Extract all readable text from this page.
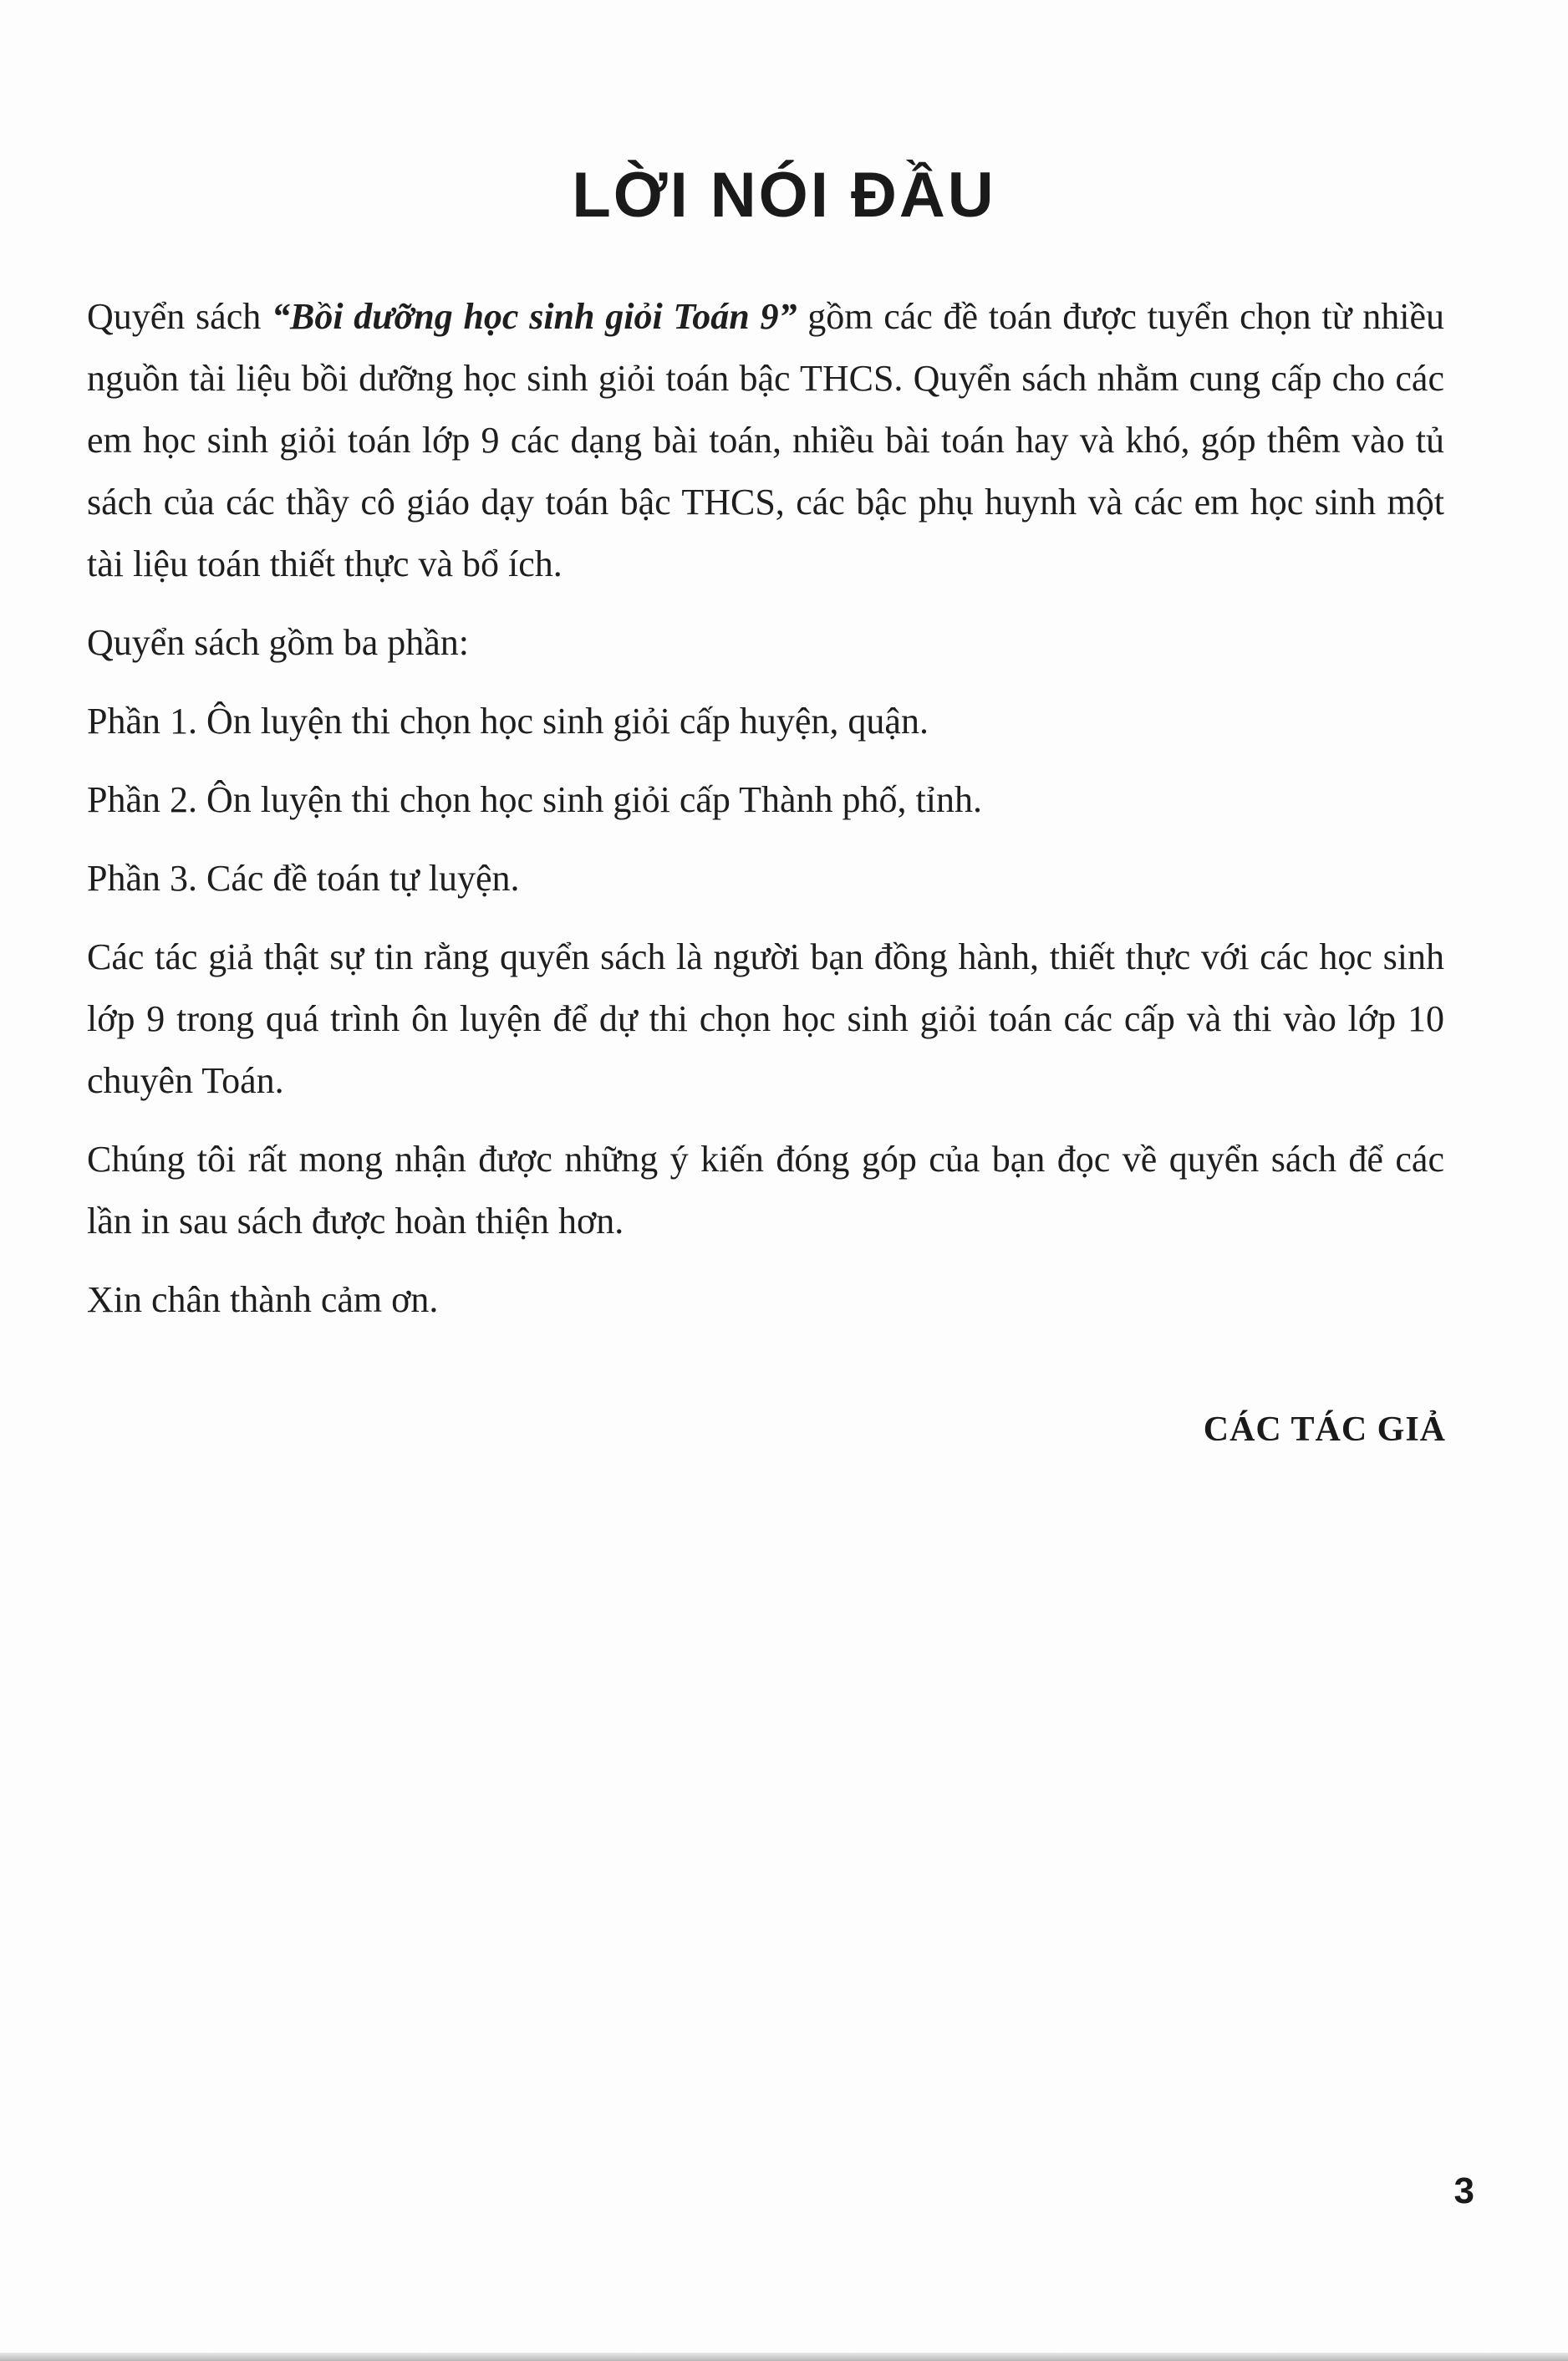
LỜI NÓI ĐẦU

Quyển sách “Bồi dưỡng học sinh giỏi Toán 9” gồm các đề toán được tuyển chọn từ nhiều nguồn tài liệu bồi dưỡng học sinh giỏi toán bậc THCS. Quyển sách nhằm cung cấp cho các em học sinh giỏi toán lớp 9 các dạng bài toán, nhiều bài toán hay và khó, góp thêm vào tủ sách của các thầy cô giáo dạy toán bậc THCS, các bậc phụ huynh và các em học sinh một tài liệu toán thiết thực và bổ ích.

Quyển sách gồm ba phần:

Phần 1. Ôn luyện thi chọn học sinh giỏi cấp huyện, quận.

Phần 2. Ôn luyện thi chọn học sinh giỏi cấp Thành phố, tỉnh.

Phần 3. Các đề toán tự luyện.

Các tác giả thật sự tin rằng quyển sách là người bạn đồng hành, thiết thực với các học sinh lớp 9 trong quá trình ôn luyện để dự thi chọn học sinh giỏi toán các cấp và thi vào lớp 10 chuyên Toán.

Chúng tôi rất mong nhận được những ý kiến đóng góp của bạn đọc về quyển sách để các lần in sau sách được hoàn thiện hơn.

Xin chân thành cảm ơn.

CÁC TÁC GIẢ
3
